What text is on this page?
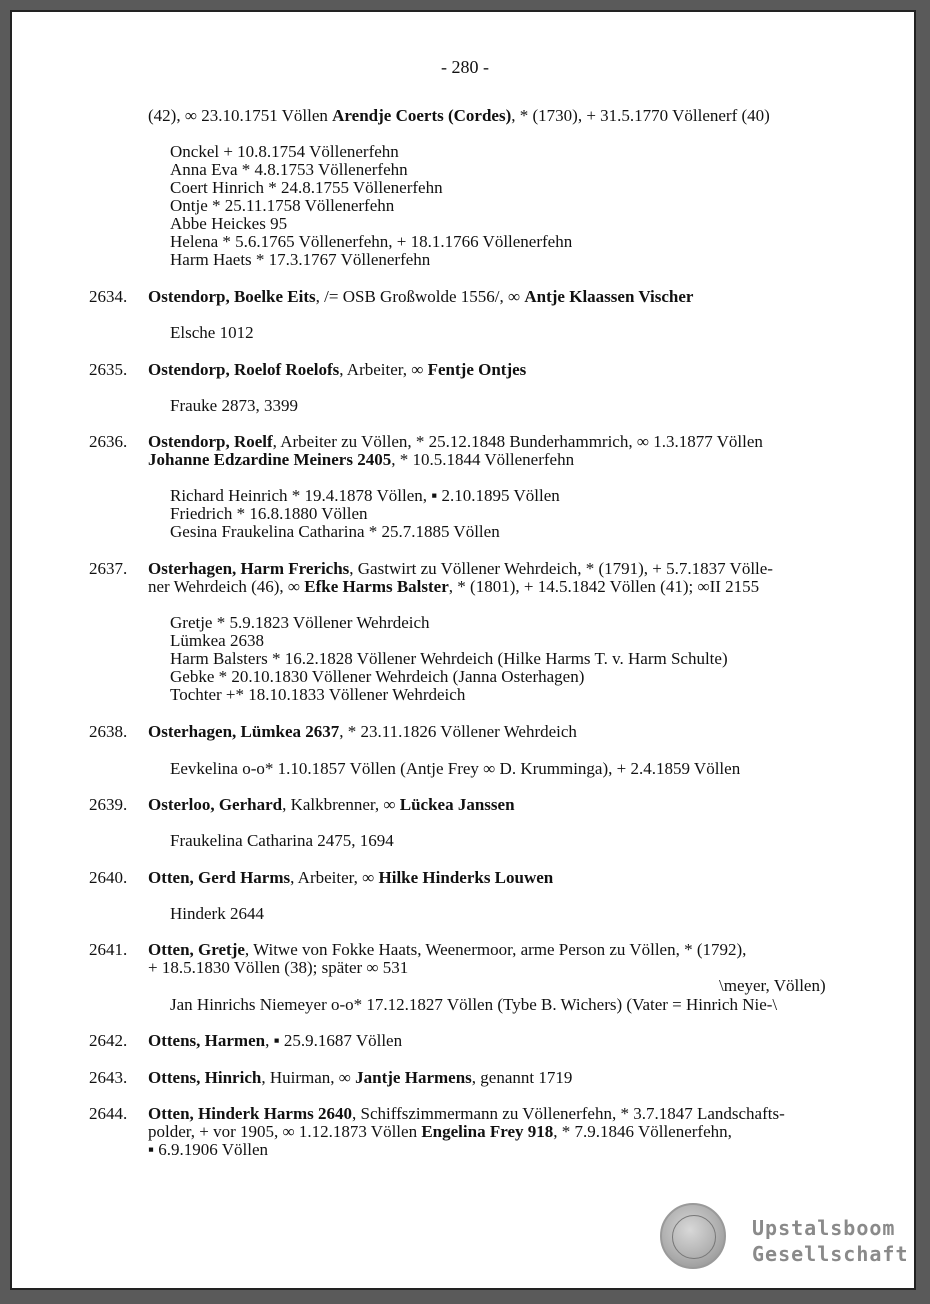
- 280 -
(42), ∞ 23.10.1751 Völlen Arendje Coerts (Cordes), * (1730), + 31.5.1770 Völlenerf (40)
Onckel + 10.8.1754 Völlenerfehn
Anna Eva * 4.8.1753 Völlenerfehn
Coert Hinrich * 24.8.1755 Völlenerfehn
Ontje * 25.11.1758 Völlenerfehn
Abbe Heickes 95
Helena * 5.6.1765 Völlenerfehn, + 18.1.1766 Völlenerfehn
Harm Haets * 17.3.1767 Völlenerfehn
2634. Ostendorp, Boelke Eits, /= OSB Großwolde 1556/, ∞ Antje Klaassen Vischer
Elsche 1012
2635. Ostendorp, Roelof Roelofs, Arbeiter, ∞ Fentje Ontjes
Frauke 2873, 3399
2636. Ostendorp, Roelf, Arbeiter zu Völlen, * 25.12.1848 Bunderhammrich, ∞ 1.3.1877 Völlen
Johanne Edzardine Meiners 2405, * 10.5.1844 Völlenerfehn
Richard Heinrich * 19.4.1878 Völlen, ▪ 2.10.1895 Völlen
Friedrich * 16.8.1880 Völlen
Gesina Fraukelina Catharina * 25.7.1885 Völlen
2637. Osterhagen, Harm Frerichs, Gastwirt zu Völlener Wehrdeich, * (1791), + 5.7.1837 Völle-
ner Wehrdeich (46), ∞ Efke Harms Balster, * (1801), + 14.5.1842 Völlen (41); ∞II 2155
Gretje * 5.9.1823 Völlener Wehrdeich
Lümkea 2638
Harm Balsters * 16.2.1828 Völlener Wehrdeich (Hilke Harms T. v. Harm Schulte)
Gebke * 20.10.1830 Völlener Wehrdeich (Janna Osterhagen)
Tochter +* 18.10.1833 Völlener Wehrdeich
2638. Osterhagen, Lümkea 2637, * 23.11.1826 Völlener Wehrdeich
Eevkelina o-o* 1.10.1857 Völlen (Antje Frey ∞ D. Krumminga), + 2.4.1859 Völlen
2639. Osterloo, Gerhard, Kalkbrenner, ∞ Lückea Janssen
Fraukelina Catharina 2475, 1694
2640. Otten, Gerd Harms, Arbeiter, ∞ Hilke Hinderks Louwen
Hinderk 2644
2641. Otten, Gretje, Witwe von Fokke Haats, Weenermoor, arme Person zu Völlen, * (1792),
+ 18.5.1830 Völlen (38); später ∞ 531
\meyer, Völlen)
Jan Hinrichs Niemeyer o-o* 17.12.1827 Völlen (Tybe B. Wichers) (Vater = Hinrich Nie-\
2642. Ottens, Harmen, ▪ 25.9.1687 Völlen
2643. Ottens, Hinrich, Huirman, ∞ Jantje Harmens, genannt 1719
2644. Otten, Hinderk Harms 2640, Schiffszimmermann zu Völlenerfehn, * 3.7.1847 Landschafts-
polder, + vor 1905, ∞ 1.12.1873 Völlen Engelina Frey 918, * 7.9.1846 Völlenerfehn,
▪ 6.9.1906 Völlen
Upstalsboom
Gesellschaft
